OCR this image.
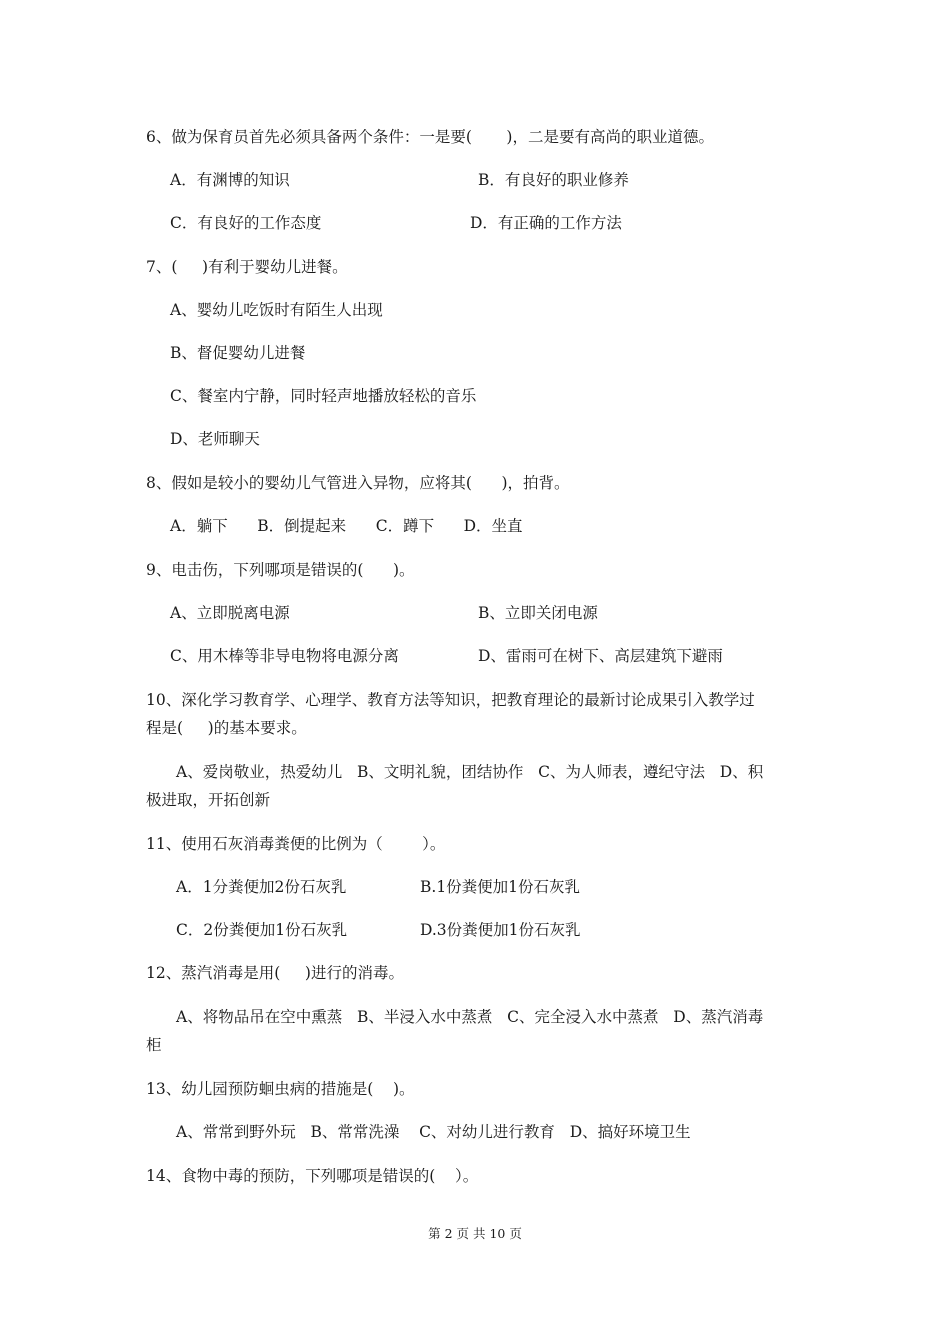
6、做为保育员首先必须具备两个条件：一是要(       )，二是要有高尚的职业道德。
A．有渊博的知识	B．有良好的职业修养
C．有良好的工作态度	D．有正确的工作方法
7、(     )有利于婴幼儿进餐。
A、婴幼儿吃饭时有陌生人出现
B、督促婴幼儿进餐
C、餐室内宁静，同时轻声地播放轻松的音乐
D、老师聊天
8、假如是较小的婴幼儿气管进入异物，应将其(      )，拍背。
A．躺下      B．倒提起来      C．蹲下      D．坐直
9、电击伤，下列哪项是错误的(      )。
A、立即脱离电源	B、立即关闭电源
C、用木棒等非导电物将电源分离	D、雷雨可在树下、高层建筑下避雨
10、深化学习教育学、心理学、教育方法等知识，把教育理论的最新讨论成果引入教学过
程是(     )的基本要求。
A、爱岗敬业，热爱幼儿   B、文明礼貌，团结协作   C、为人师表，遵纪守法   D、积
极进取，开拓创新
11、使用石灰消毒粪便的比例为（        ）。
A．1分粪便加2份石灰乳	B.1份粪便加1份石灰乳
C．2份粪便加1份石灰乳	D.3份粪便加1份石灰乳
12、蒸汽消毒是用(     )进行的消毒。
A、将物品吊在空中熏蒸   B、半浸入水中蒸煮   C、完全浸入水中蒸煮   D、蒸汽消毒
柜
13、幼儿园预防蛔虫病的措施是(    )。
A、常常到野外玩   B、常常洗澡    C、对幼儿进行教育   D、搞好环境卫生
14、食物中毒的预防，下列哪项是错误的(    ）。
第 2 页 共 10 页
